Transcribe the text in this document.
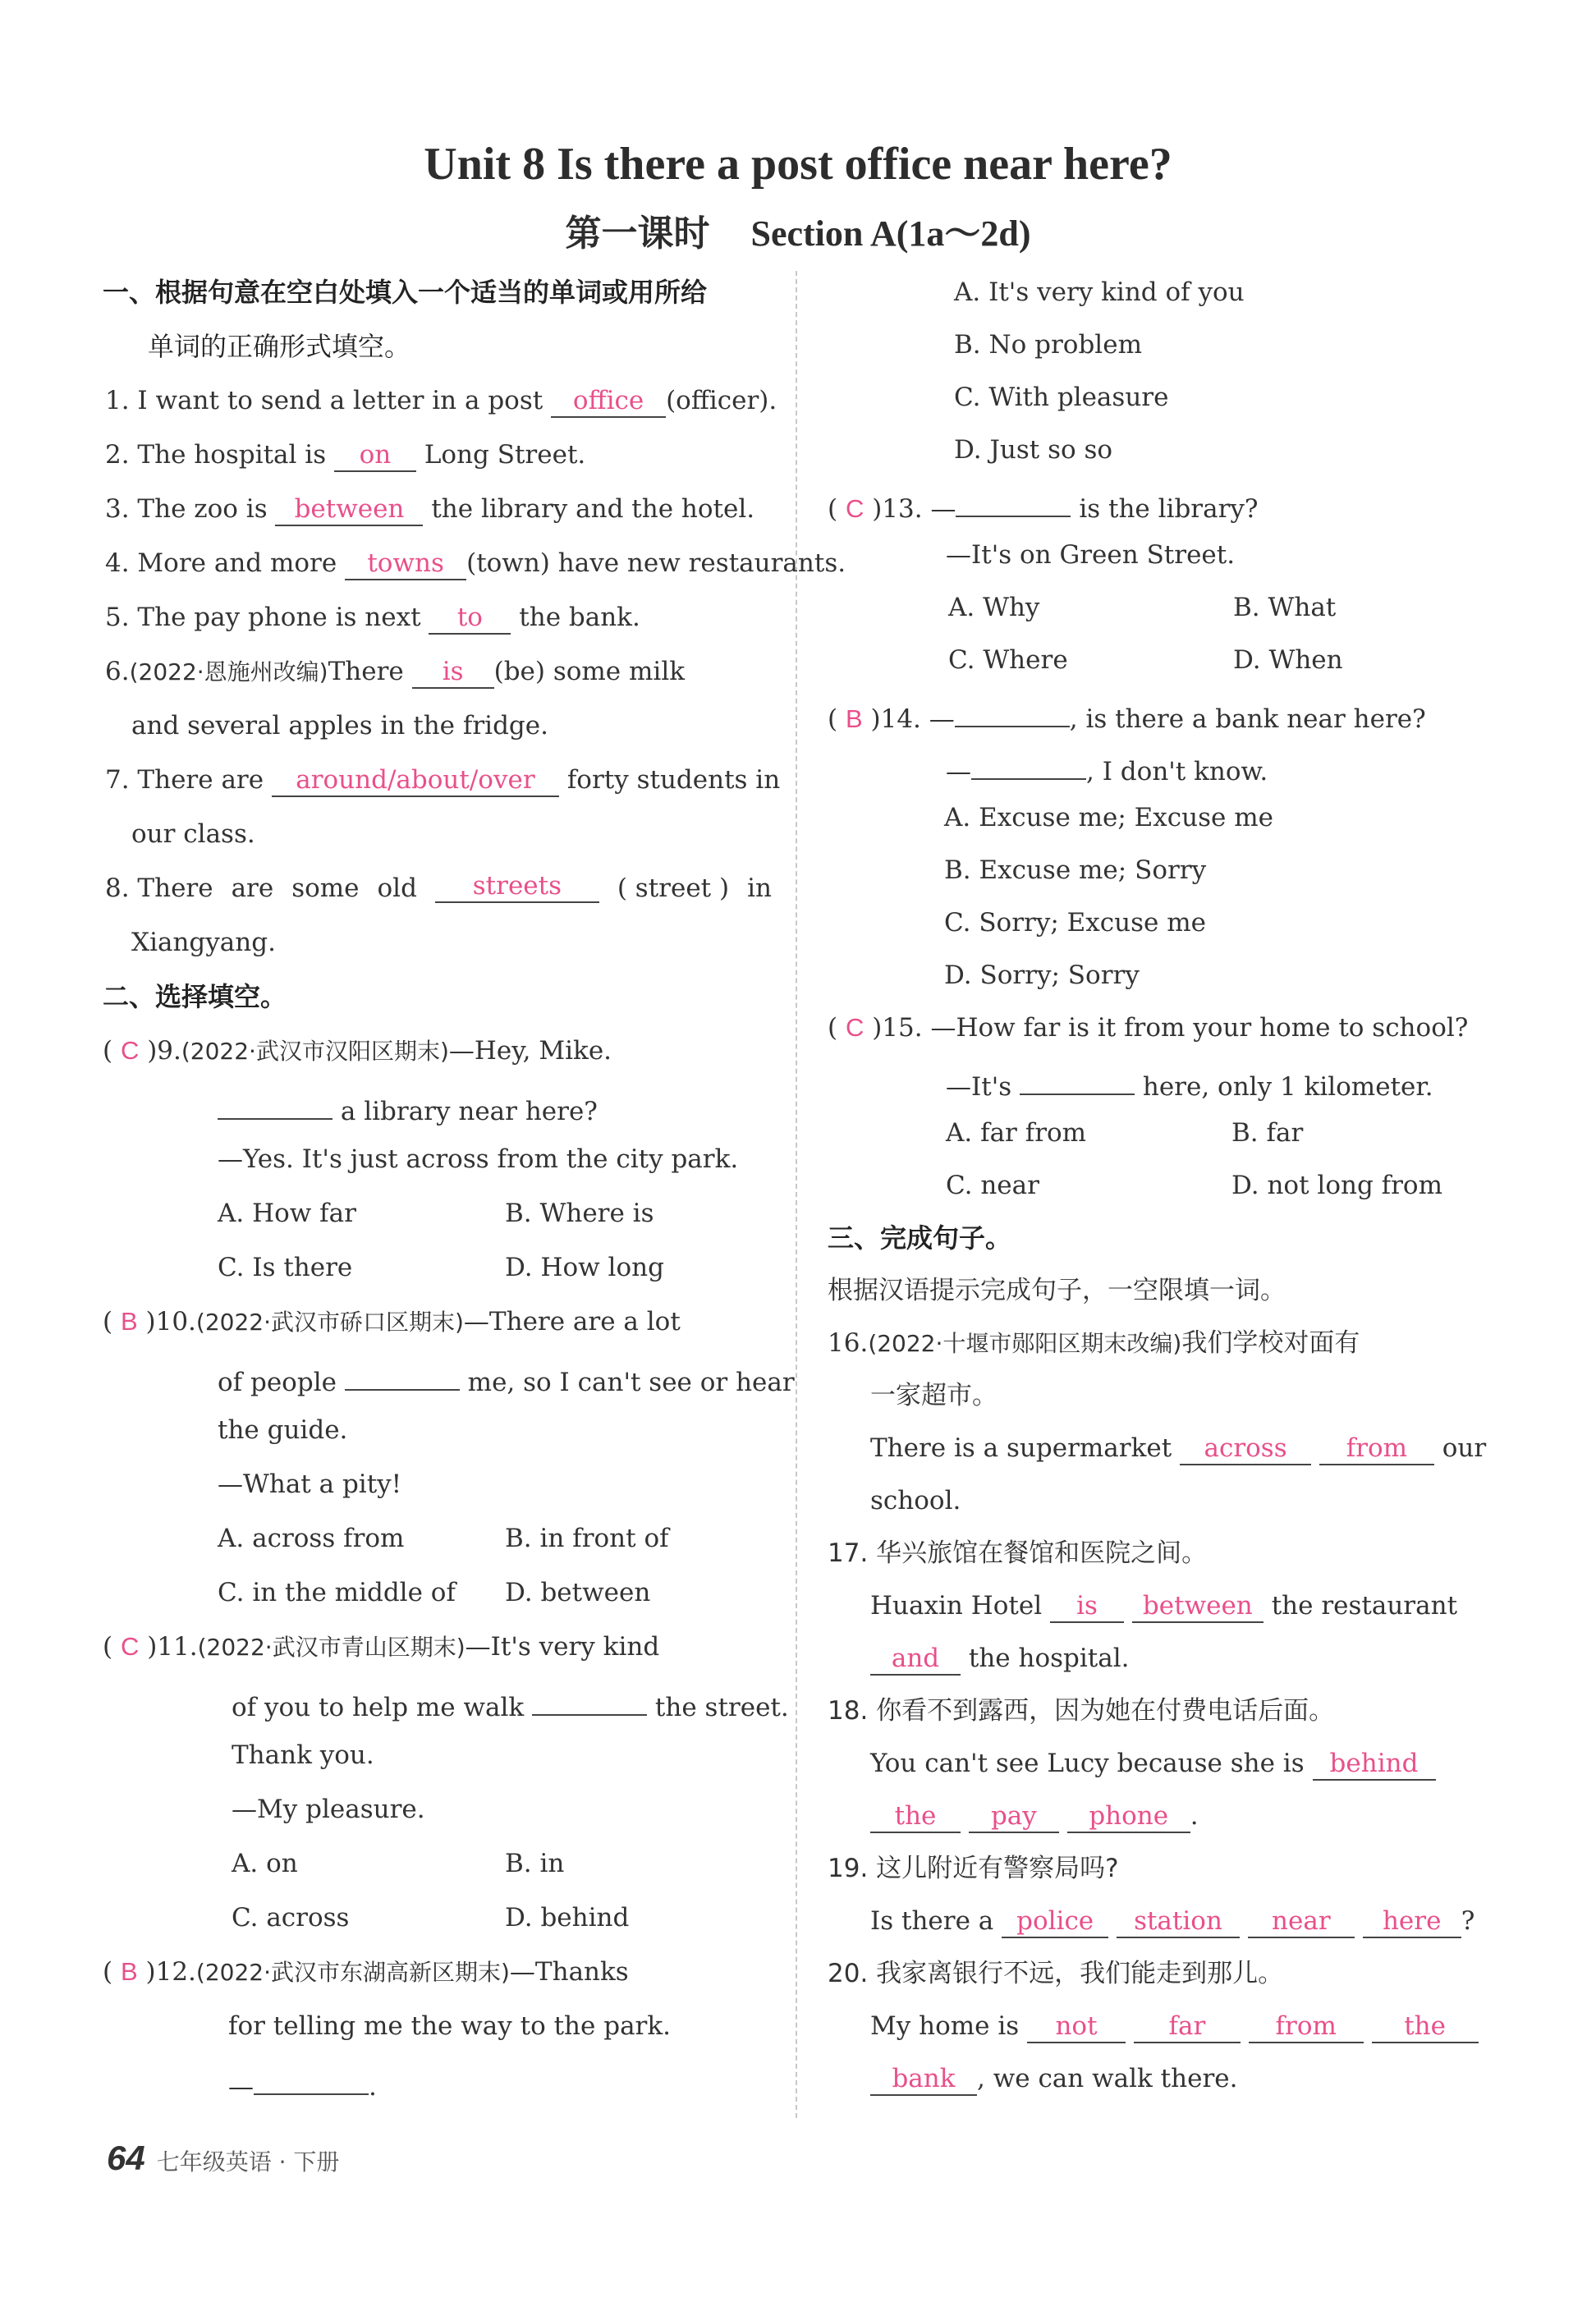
Unit 8 Is there a post office near here?
第一课时 Section A(1a～2d)
一、根据句意在空白处填入一个适当的单词或用所给
单词的正确形式填空。
1. I want to send a letter in a post office (officer).
2. The hospital is on Long Street.
3. The zoo is between the library and the hotel.
4. More and more towns (town) have new restaurants.
5. The pay phone is next to the bank.
6.(2022·恩施州改编)There is (be) some milk
and several apples in the fridge.
7. There are around/about/over forty students in
our class.
8. There are some old	streets	( street ) in
Xiangyang.
二、选择填空。
( C )9.(2022·武汉市汉阳区期末)—Hey, Mike.
a library near here?
—Yes. It's just across from the city park.
A. How far	B. Where is
C. Is there	D. How long
( B )10.(2022·武汉市硚口区期末)—There are a lot
of people	me, so I can't see or hear
the guide.
—What a pity!
A. across from	B. in front of
C. in the middle of D. between
( C )11.(2022·武汉市青山区期末)—It's very kind
of you to help me walk	the street.
Thank you.
—My pleasure.
A. on	B. in
C. across	D. behind
( B )12.(2022·武汉市东湖高新区期末)—Thanks
for telling me the way to the park.
—	.
A. It's very kind of you
B. No problem
C. With pleasure
D. Just so so
( C )13. —	is the library?
—It's on Green Street.
A. Why	B. What
C. Where	D. When
( B )14. —	, is there a bank near here?
—	, I don't know.
A. Excuse me; Excuse me
B. Excuse me; Sorry
C. Sorry; Excuse me
D. Sorry; Sorry
( C )15. —How far is it from your home to school?
—It's	here, only 1 kilometer.
A. far from	B. far
C. near	D. not long from
三、完成句子。
根据汉语提示完成句子，一空限填一词。
16.(2022·十堰市郧阳区期末改编)我们学校对面有
一家超市。
There is a supermarket across from our
school.
17. 华兴旅馆在餐馆和医院之间。
Huaxin Hotel is between the restaurant
and the hospital.
18. 你看不到露西，因为她在付费电话后面。
You can't see Lucy because she is behind
the pay phone .
19. 这儿附近有警察局吗?
Is there a police station near here ?
20. 我家离银行不远，我们能走到那儿。
My home is not	far	from	the
bank , we can walk there.
64 七年级英语 · 下册
